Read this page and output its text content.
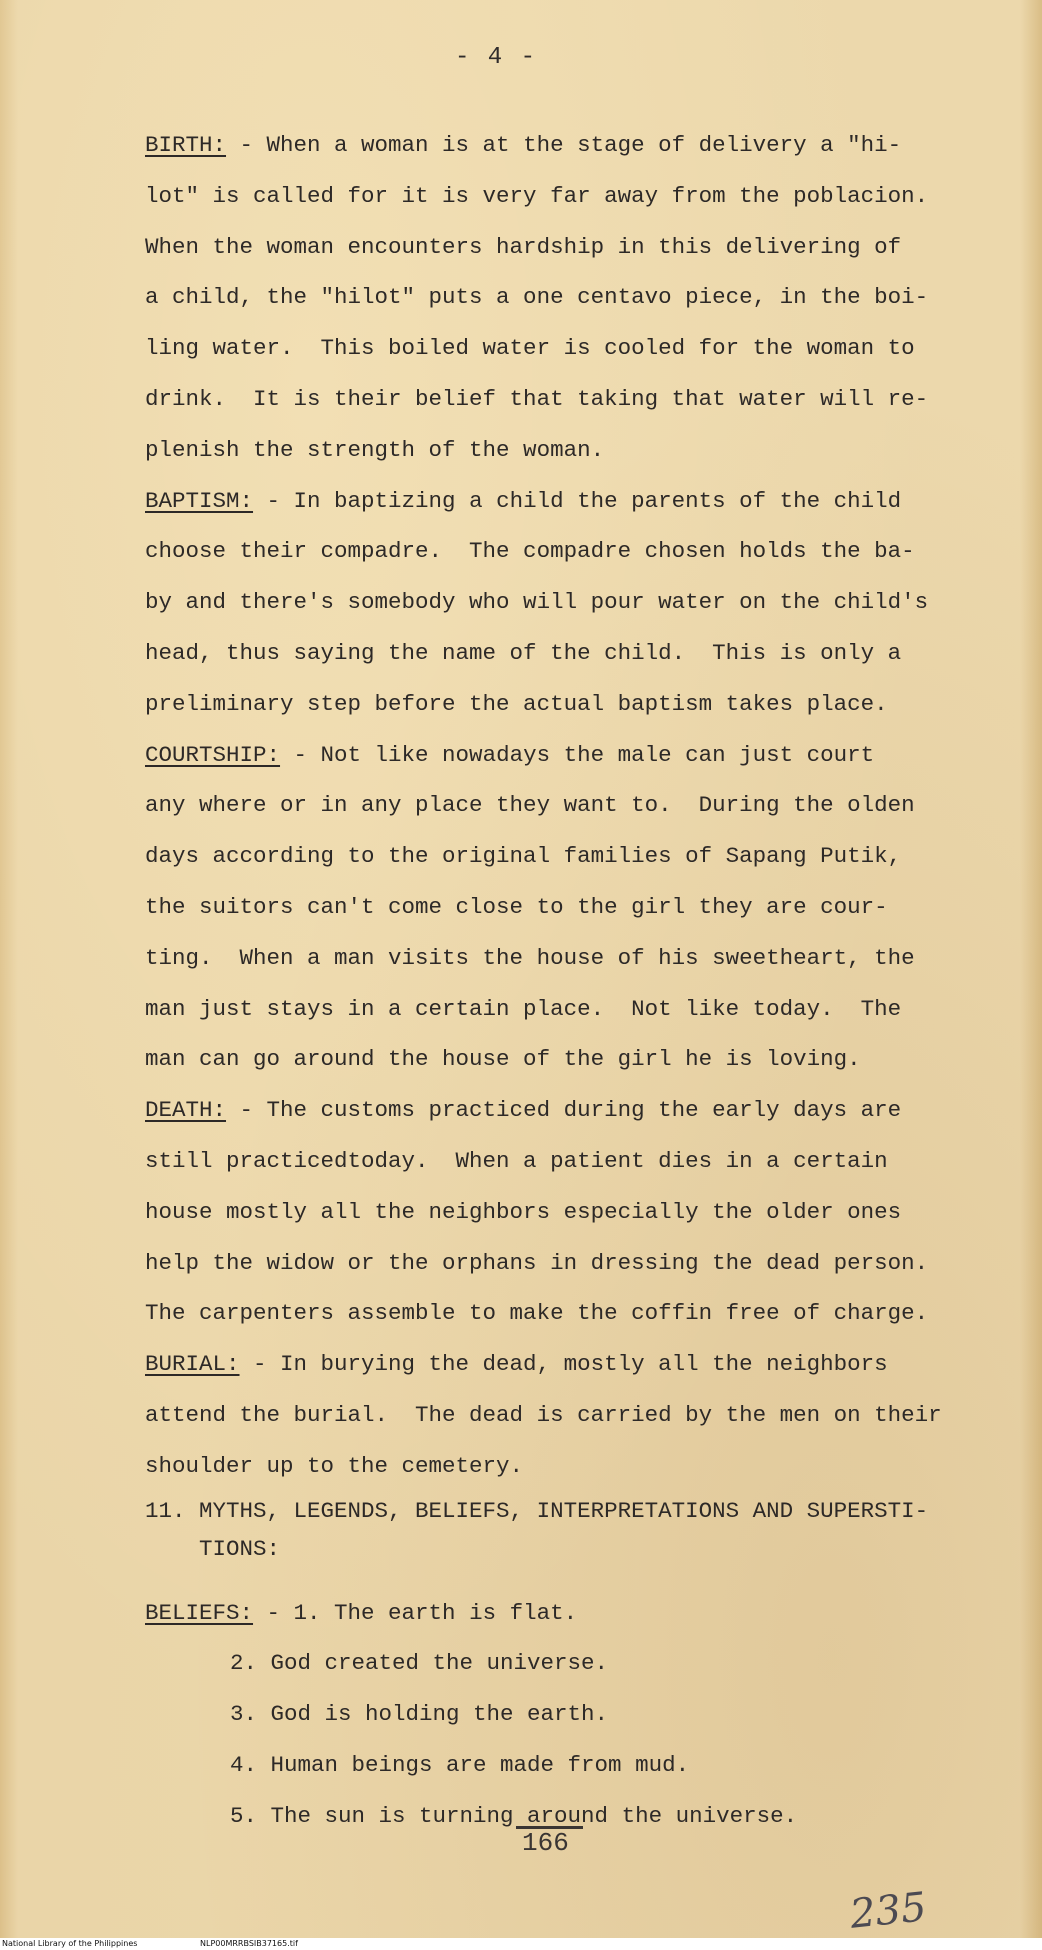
- 4 -
BIRTH: - When a woman is at the stage of delivery a "hi-
lot" is called for it is very far away from the poblacion.
When the woman encounters hardship in this delivering of
a child, the "hilot" puts a one centavo piece, in the boi-
ling water.  This boiled water is cooled for the woman to
drink.  It is their belief that taking that water will re-
plenish the strength of the woman.
BAPTISM: - In baptizing a child the parents of the child
choose their compadre.  The compadre chosen holds the ba-
by and there's somebody who will pour water on the child's
head, thus saying the name of the child.  This is only a
preliminary step before the actual baptism takes place.
COURTSHIP: - Not like nowadays the male can just court
any where or in any place they want to.  During the olden
days according to the original families of Sapang Putik,
the suitors can't come close to the girl they are cour-
ting.  When a man visits the house of his sweetheart, the
man just stays in a certain place.  Not like today.  The
man can go around the house of the girl he is loving.
DEATH: - The customs practiced during the early days are
still practicedtoday.  When a patient dies in a certain
house mostly all the neighbors especially the older ones
help the widow or the orphans in dressing the dead person.
The carpenters assemble to make the coffin free of charge.
BURIAL: - In burying the dead, mostly all the neighbors
attend the burial.  The dead is carried by the men on their
shoulder up to the cemetery.
11. MYTHS, LEGENDS, BELIEFS, INTERPRETATIONS AND SUPERSTI-
TIONS:
BELIEFS: - 1. The earth is flat.
2. God created the universe.
3. God is holding the earth.
4. Human beings are made from mud.
5. The sun is turning around the universe.
166
235
National Library of the Philippines	NLP00MRRBSIB37165.tif
